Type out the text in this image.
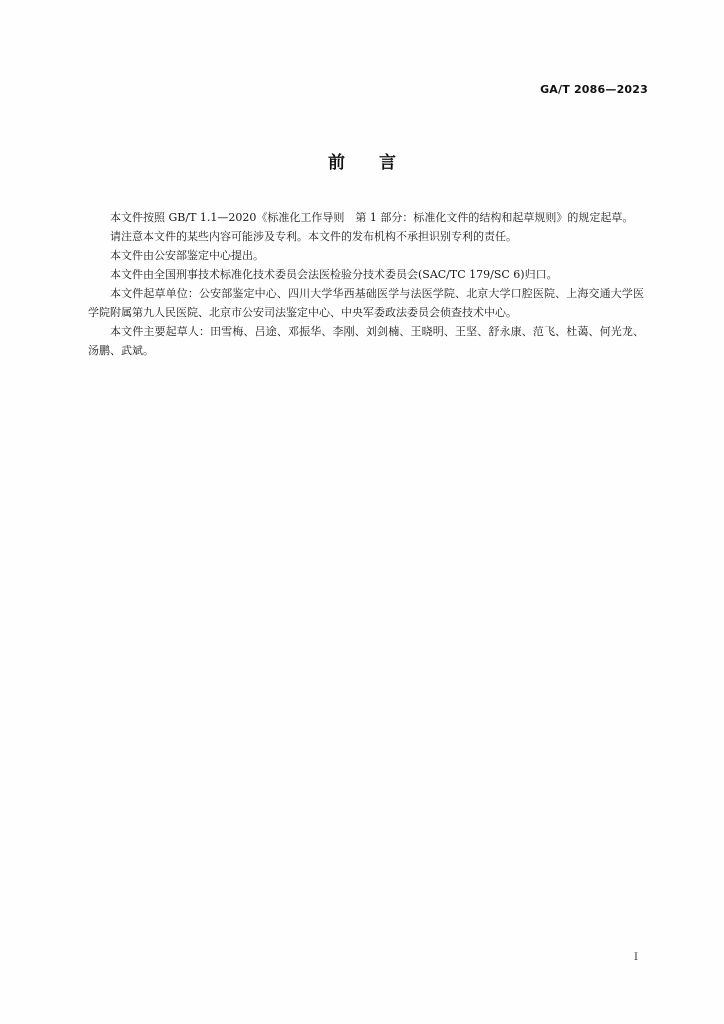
GA/T 2086—2023
前 言

本文件按照 GB/T 1.1—2020《标准化工作导则　第 1 部分：标准化文件的结构和起草规则》的规定起草。

请注意本文件的某些内容可能涉及专利。本文件的发布机构不承担识别专利的责任。

本文件由公安部鉴定中心提出。

本文件由全国刑事技术标准化技术委员会法医检验分技术委员会(SAC/TC 179/SC 6)归口。

本文件起草单位：公安部鉴定中心、四川大学华西基础医学与法医学院、北京大学口腔医院、上海交通大学医学院附属第九人民医院、北京市公安司法鉴定中心、中央军委政法委员会侦查技术中心。

本文件主要起草人：田雪梅、吕途、邓振华、李刚、刘剑楠、王晓明、王坚、舒永康、范飞、杜蔼、何光龙、汤鹏、武斌。

I
